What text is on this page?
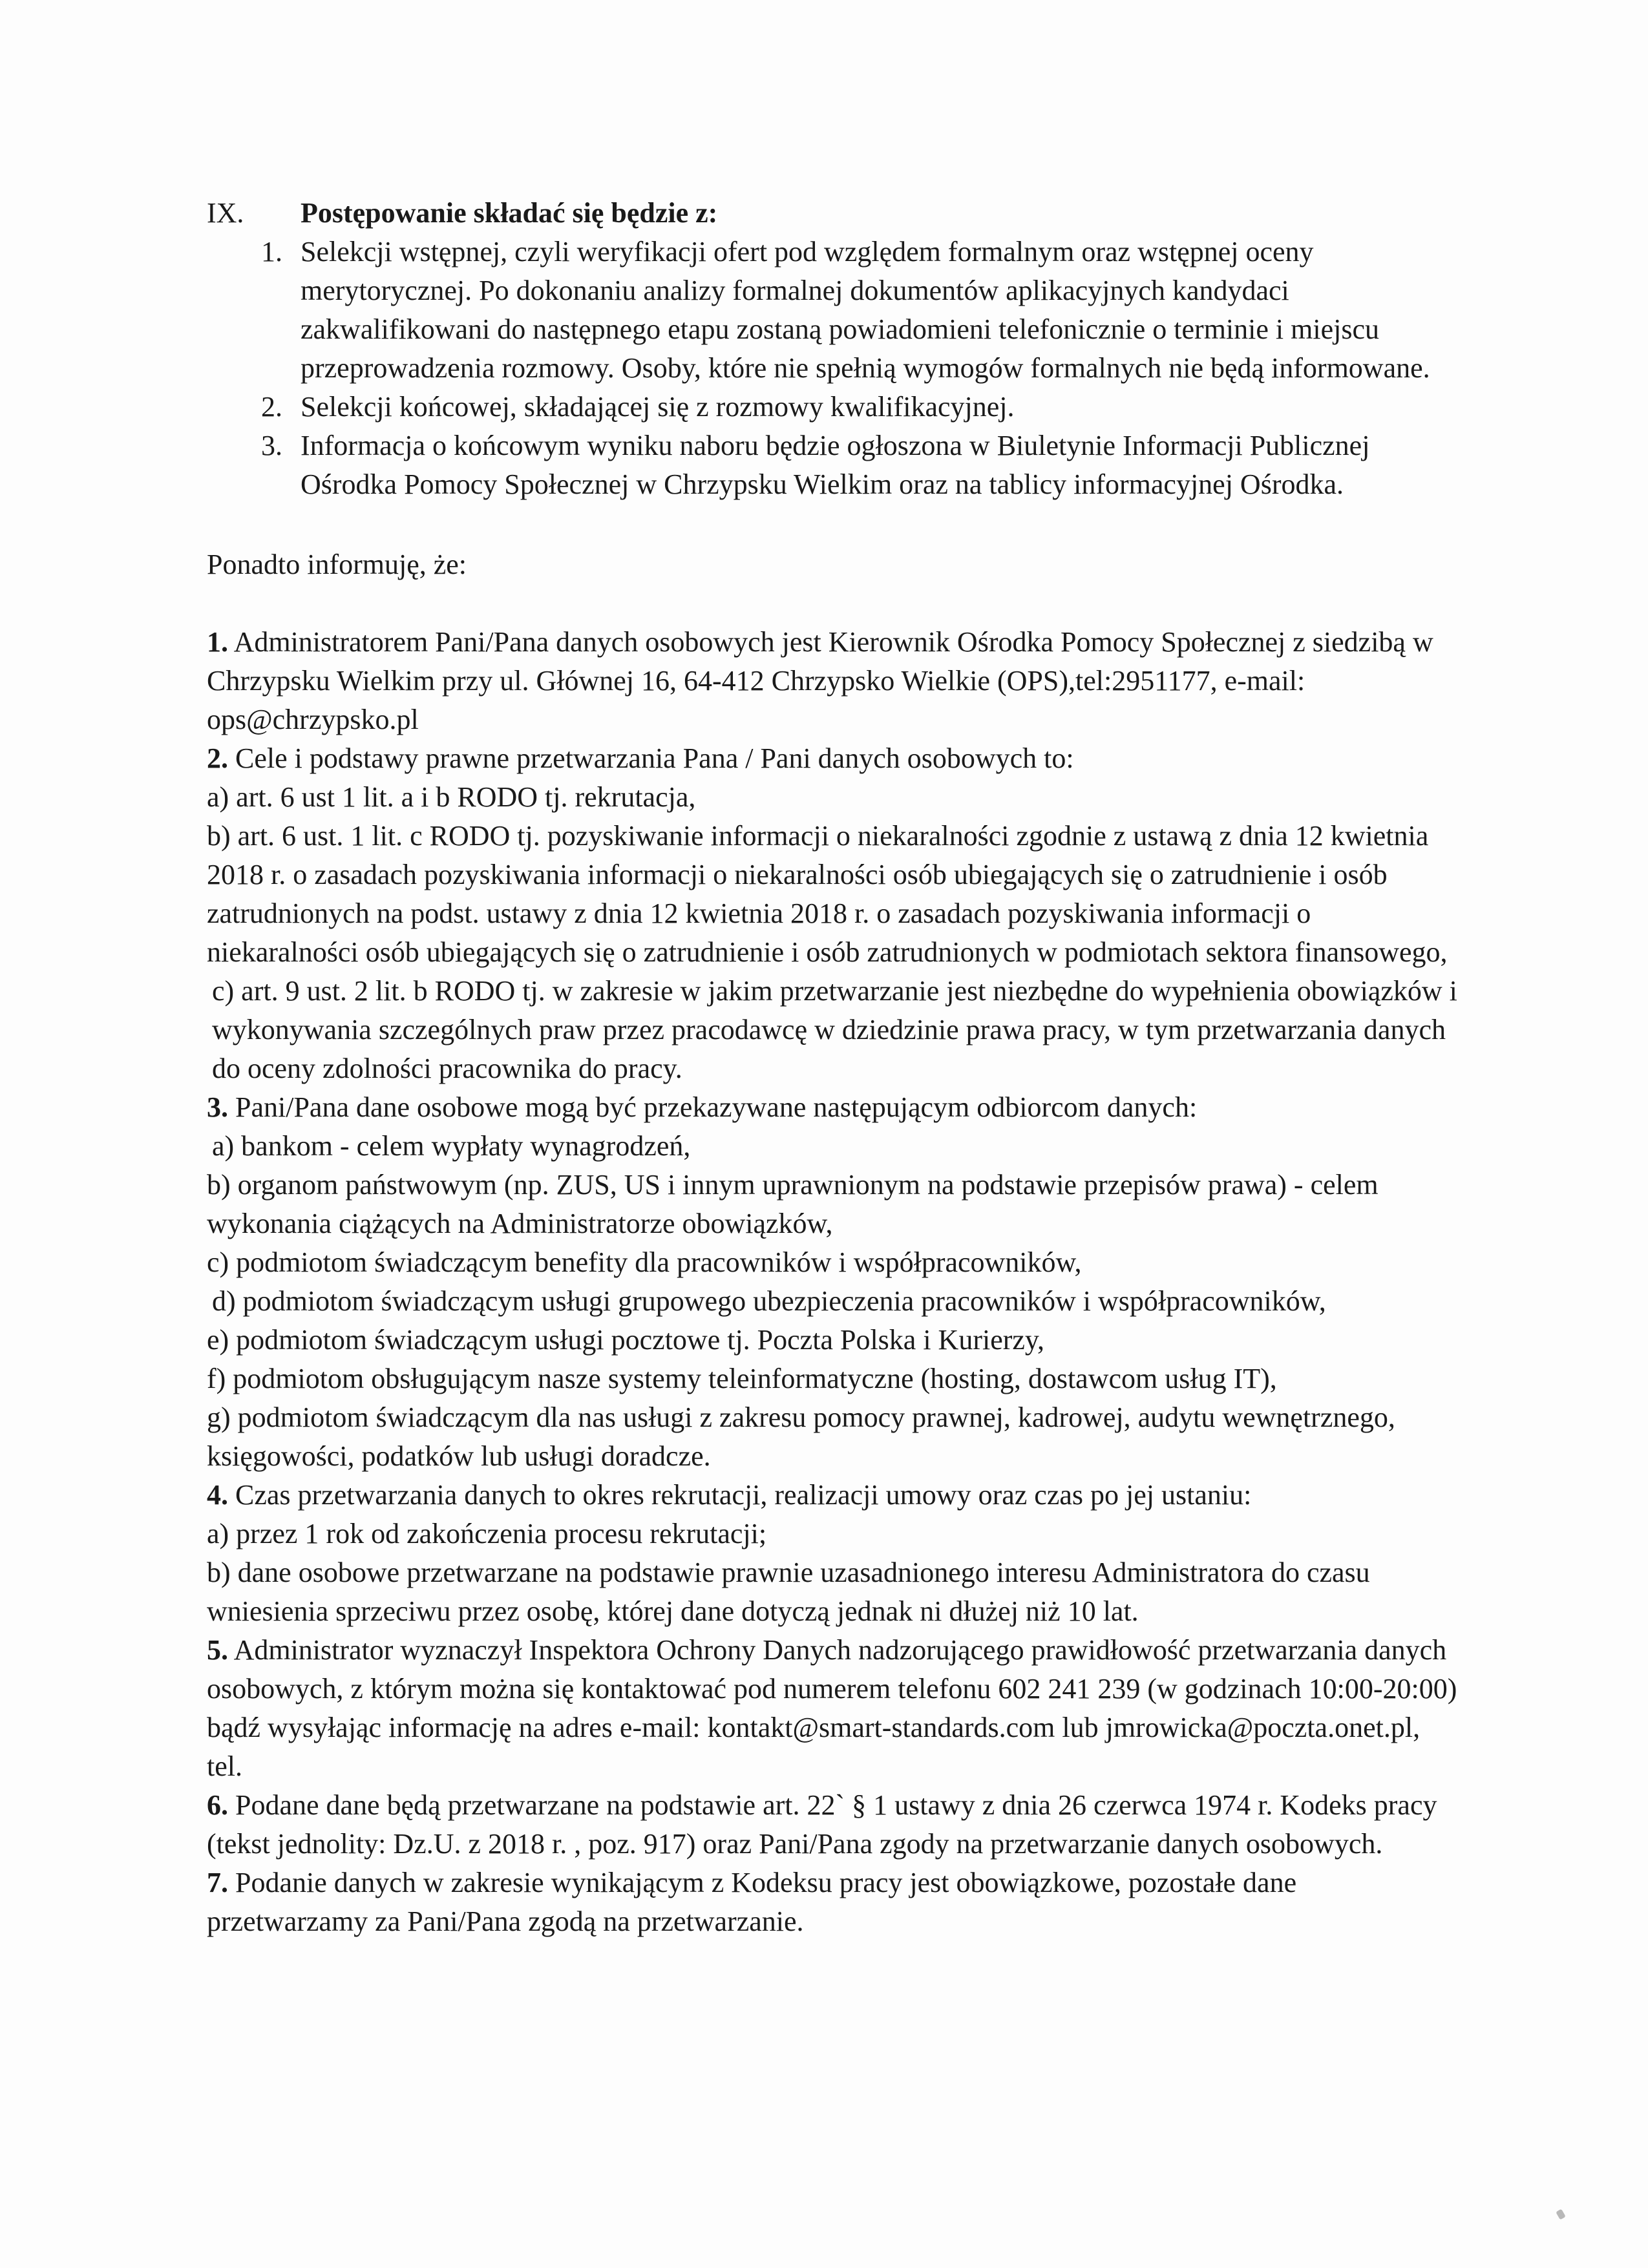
IX.	Postępowanie składać się będzie z:
1. Selekcji wstępnej, czyli weryfikacji ofert pod względem formalnym oraz wstępnej oceny merytorycznej. Po dokonaniu analizy formalnej dokumentów aplikacyjnych kandydaci zakwalifikowani do następnego etapu zostaną powiadomieni telefonicznie o terminie i miejscu przeprowadzenia rozmowy. Osoby, które nie spełnią wymogów formalnych nie będą informowane.
2. Selekcji końcowej, składającej się z rozmowy kwalifikacyjnej.
3. Informacja o końcowym wyniku naboru będzie ogłoszona w Biuletynie Informacji Publicznej Ośrodka Pomocy Społecznej w Chrzypsku Wielkim oraz na tablicy informacyjnej Ośrodka.
Ponadto informuję, że:
1. Administratorem Pani/Pana danych osobowych jest Kierownik Ośrodka Pomocy Społecznej z siedzibą w Chrzypsku Wielkim przy ul. Głównej 16, 64-412 Chrzypsko Wielkie (OPS),tel:2951177, e-mail: ops@chrzypsko.pl
2. Cele i podstawy prawne przetwarzania Pana / Pani danych osobowych to:
a) art. 6 ust 1 lit. a i b RODO tj. rekrutacja,
b) art. 6 ust. 1 lit. c RODO tj. pozyskiwanie informacji o niekaralności zgodnie z ustawą z dnia 12 kwietnia 2018 r. o zasadach pozyskiwania informacji o niekaralności osób ubiegających się o zatrudnienie i osób zatrudnionych na podst. ustawy z dnia 12 kwietnia 2018 r. o zasadach pozyskiwania informacji o niekaralności osób ubiegających się o zatrudnienie i osób zatrudnionych w podmiotach sektora finansowego,
c) art. 9 ust. 2 lit. b RODO tj. w zakresie w jakim przetwarzanie jest niezbędne do wypełnienia obowiązków i wykonywania szczególnych praw przez pracodawcę w dziedzinie prawa pracy, w tym przetwarzania danych do oceny zdolności pracownika do pracy.
3. Pani/Pana dane osobowe mogą być przekazywane następującym odbiorcom danych:
a) bankom - celem wypłaty wynagrodzeń,
b) organom państwowym (np. ZUS, US i innym uprawnionym na podstawie przepisów prawa) - celem wykonania ciążących na Administratorze obowiązków,
c) podmiotom świadczącym benefity dla pracowników i współpracowników,
d) podmiotom świadczącym usługi grupowego ubezpieczenia pracowników i współpracowników,
e) podmiotom świadczącym usługi pocztowe tj. Poczta Polska i Kurierzy,
f) podmiotom obsługującym nasze systemy teleinformatyczne (hosting, dostawcom usług IT),
g) podmiotom świadczącym dla nas usługi z zakresu pomocy prawnej, kadrowej, audytu wewnętrznego, księgowości, podatków lub usługi doradcze.
4. Czas przetwarzania danych to okres rekrutacji, realizacji umowy oraz czas po jej ustaniu:
a) przez 1 rok od zakończenia procesu rekrutacji;
b) dane osobowe przetwarzane na podstawie prawnie uzasadnionego interesu Administratora do czasu wniesienia sprzeciwu przez osobę, której dane dotyczą jednak ni dłużej niż 10 lat.
5. Administrator wyznaczył Inspektora Ochrony Danych nadzorującego prawidłowość przetwarzania danych osobowych, z którym można się kontaktować pod numerem telefonu 602 241 239 (w godzinach 10:00-20:00) bądź wysyłając informację na adres e-mail: kontakt@smart-standards.com lub jmrowicka@poczta.onet.pl, tel.
6. Podane dane będą przetwarzane na podstawie art. 22` § 1 ustawy z dnia 26 czerwca 1974 r. Kodeks pracy (tekst jednolity: Dz.U. z 2018 r. , poz. 917) oraz Pani/Pana zgody na przetwarzanie danych osobowych.
7. Podanie danych w zakresie wynikającym z Kodeksu pracy jest obowiązkowe, pozostałe dane przetwarzamy za Pani/Pana zgodą na przetwarzanie.
